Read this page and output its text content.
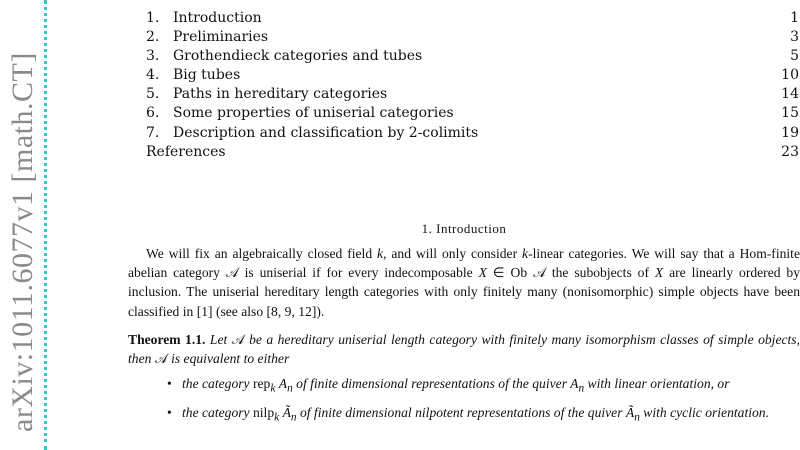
arXiv:1011.6077v1 [math.CT]
1. Introduction	1
2. Preliminaries	3
3. Grothendieck categories and tubes	5
4. Big tubes	10
5. Paths in hereditary categories	14
6. Some properties of uniserial categories	15
7. Description and classification by 2-colimits	19
References	23
1. Introduction
We will fix an algebraically closed field k, and will only consider k-linear categories. We will say that a Hom-finite abelian category 𝒜 is uniserial if for every indecomposable X ∈ Ob 𝒜 the subobjects of X are linearly ordered by inclusion. The uniserial hereditary length categories with only finitely many (nonisomorphic) simple objects have been classified in [1] (see also [8, 9, 12]).
Theorem 1.1. Let 𝒜 be a hereditary uniserial length category with finitely many isomorphism classes of simple objects, then 𝒜 is equivalent to either
• the category rep$_k$ $A_n$ of finite dimensional representations of the quiver $A_n$ with linear orientation, or
• the category nilp$_k$ $Ã_n$ of finite dimensional nilpotent representations of the quiver $Ã_n$ with cyclic orientation.
